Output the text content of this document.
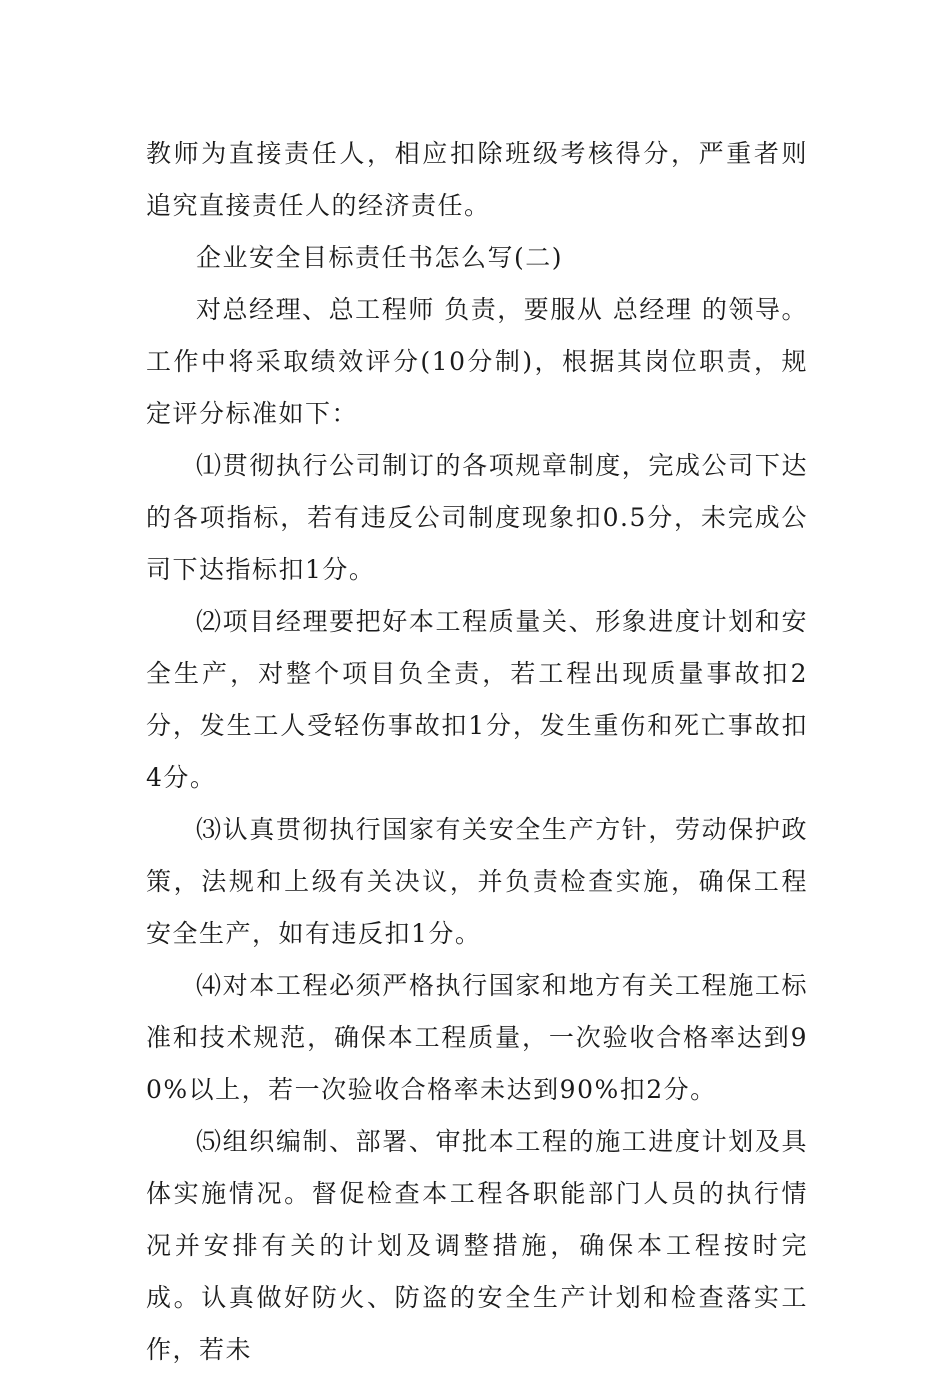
教师为直接责任人，相应扣除班级考核得分，严重者则追究直接责任人的经济责任。

企业安全目标责任书怎么写(二)

对总经理、总工程师 负责，要服从 总经理 的领导。工作中将采取绩效评分(10分制)，根据其岗位职责，规定评分标准如下：

⑴贯彻执行公司制订的各项规章制度，完成公司下达的各项指标，若有违反公司制度现象扣0.5分，未完成公司下达指标扣1分。

⑵项目经理要把好本工程质量关、形象进度计划和安全生产，对整个项目负全责，若工程出现质量事故扣2分，发生工人受轻伤事故扣1分，发生重伤和死亡事故扣4分。

⑶认真贯彻执行国家有关安全生产方针，劳动保护政策，法规和上级有关决议，并负责检查实施，确保工程安全生产，如有违反扣1分。

⑷对本工程必须严格执行国家和地方有关工程施工标准和技术规范，确保本工程质量，一次验收合格率达到90%以上，若一次验收合格率未达到90%扣2分。

⑸组织编制、部署、审批本工程的施工进度计划及具体实施情况。督促检查本工程各职能部门人员的执行情况并安排有关的计划及调整措施，确保本工程按时完成。认真做好防火、防盗的安全生产计划和检查落实工作，若未
